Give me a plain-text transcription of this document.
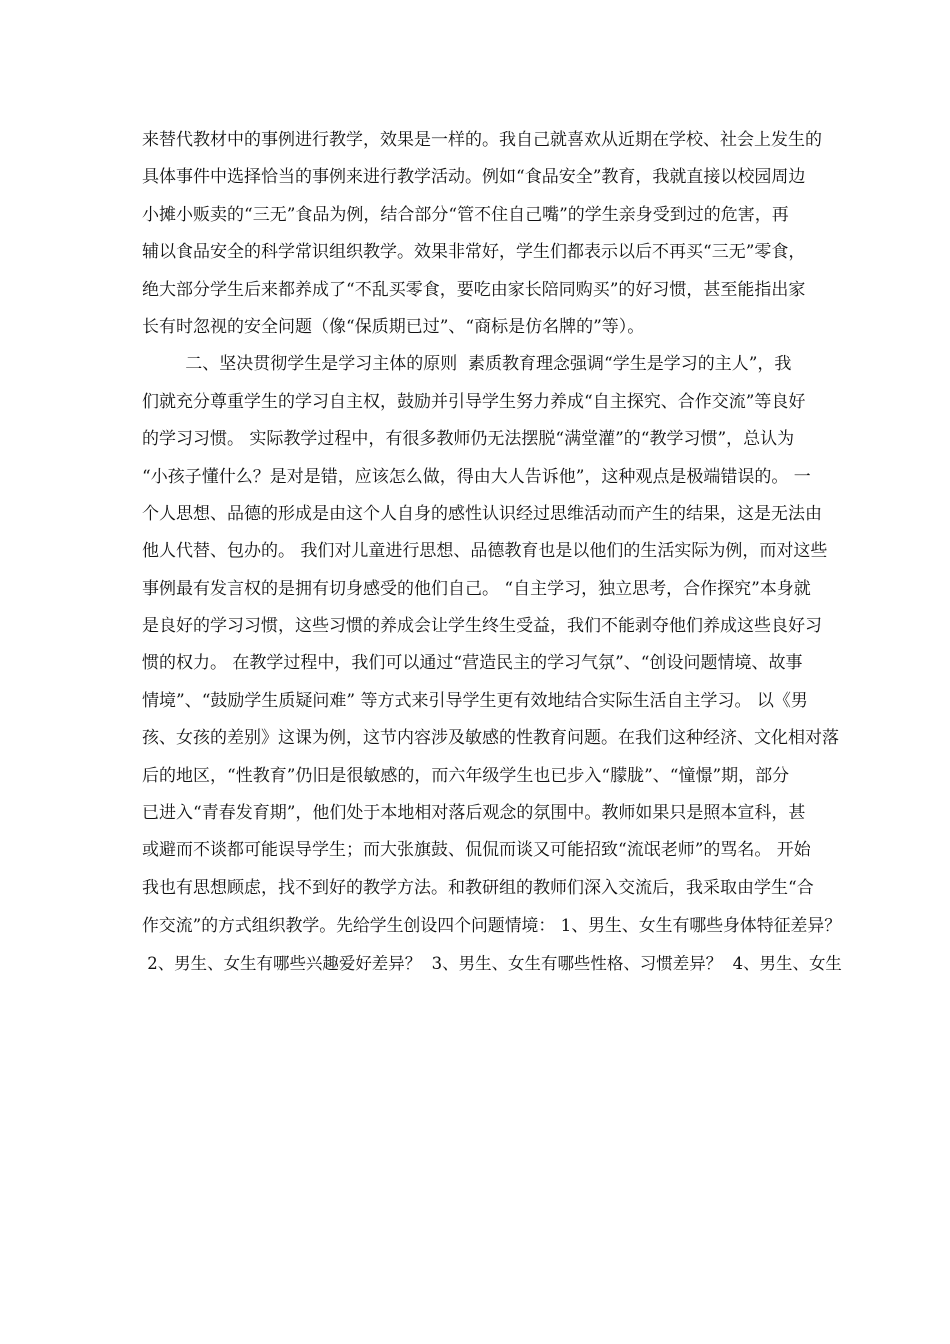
来替代教材中的事例进行教学，效果是一样的。我自己就喜欢从近期在学校、社会上发生的
具体事件中选择恰当的事例来进行教学活动。例如“食品安全”教育，我就直接以校园周边
小摊小贩卖的“三无”食品为例，结合部分“管不住自己嘴”的学生亲身受到过的危害，再
辅以食品安全的科学常识组织教学。效果非常好，学生们都表示以后不再买“三无”零食，
绝大部分学生后来都养成了“不乱买零食，要吃由家长陪同购买”的好习惯，甚至能指出家
长有时忽视的安全问题（像“保质期已过”、“商标是仿名牌的”等）。
二、坚决贯彻学生是学习主体的原则  素质教育理念强调“学生是学习的主人”，我
们就充分尊重学生的学习自主权，鼓励并引导学生努力养成“自主探究、合作交流”等良好
的学习习惯。 实际教学过程中，有很多教师仍无法摆脱“满堂灌”的“教学习惯”，总认为
“小孩子懂什么？是对是错，应该怎么做，得由大人告诉他”，这种观点是极端错误的。 一
个人思想、品德的形成是由这个人自身的感性认识经过思维活动而产生的结果，这是无法由
他人代替、包办的。 我们对儿童进行思想、品德教育也是以他们的生活实际为例，而对这些
事例最有发言权的是拥有切身感受的他们自己。 “自主学习，独立思考，合作探究”本身就
是良好的学习习惯，这些习惯的养成会让学生终生受益，我们不能剥夺他们养成这些良好习
惯的权力。 在教学过程中，我们可以通过“营造民主的学习气氛”、“创设问题情境、故事
情境”、“鼓励学生质疑问难” 等方式来引导学生更有效地结合实际生活自主学习。 以《男
孩、女孩的差别》这课为例，这节内容涉及敏感的性教育问题。在我们这种经济、文化相对落
后的地区，“性教育”仍旧是很敏感的，而六年级学生也已步入“朦胧”、“憧憬”期，部分
已进入“青春发育期”，他们处于本地相对落后观念的氛围中。教师如果只是照本宣科，甚
或避而不谈都可能误导学生；而大张旗鼓、侃侃而谈又可能招致“流氓老师”的骂名。 开始
我也有思想顾虑，找不到好的教学方法。和教研组的教师们深入交流后，我采取由学生“合
作交流”的方式组织教学。先给学生创设四个问题情境： 1、男生、女生有哪些身体特征差异？
2、男生、女生有哪些兴趣爱好差异？  3、男生、女生有哪些性格、习惯差异？  4、男生、女生
